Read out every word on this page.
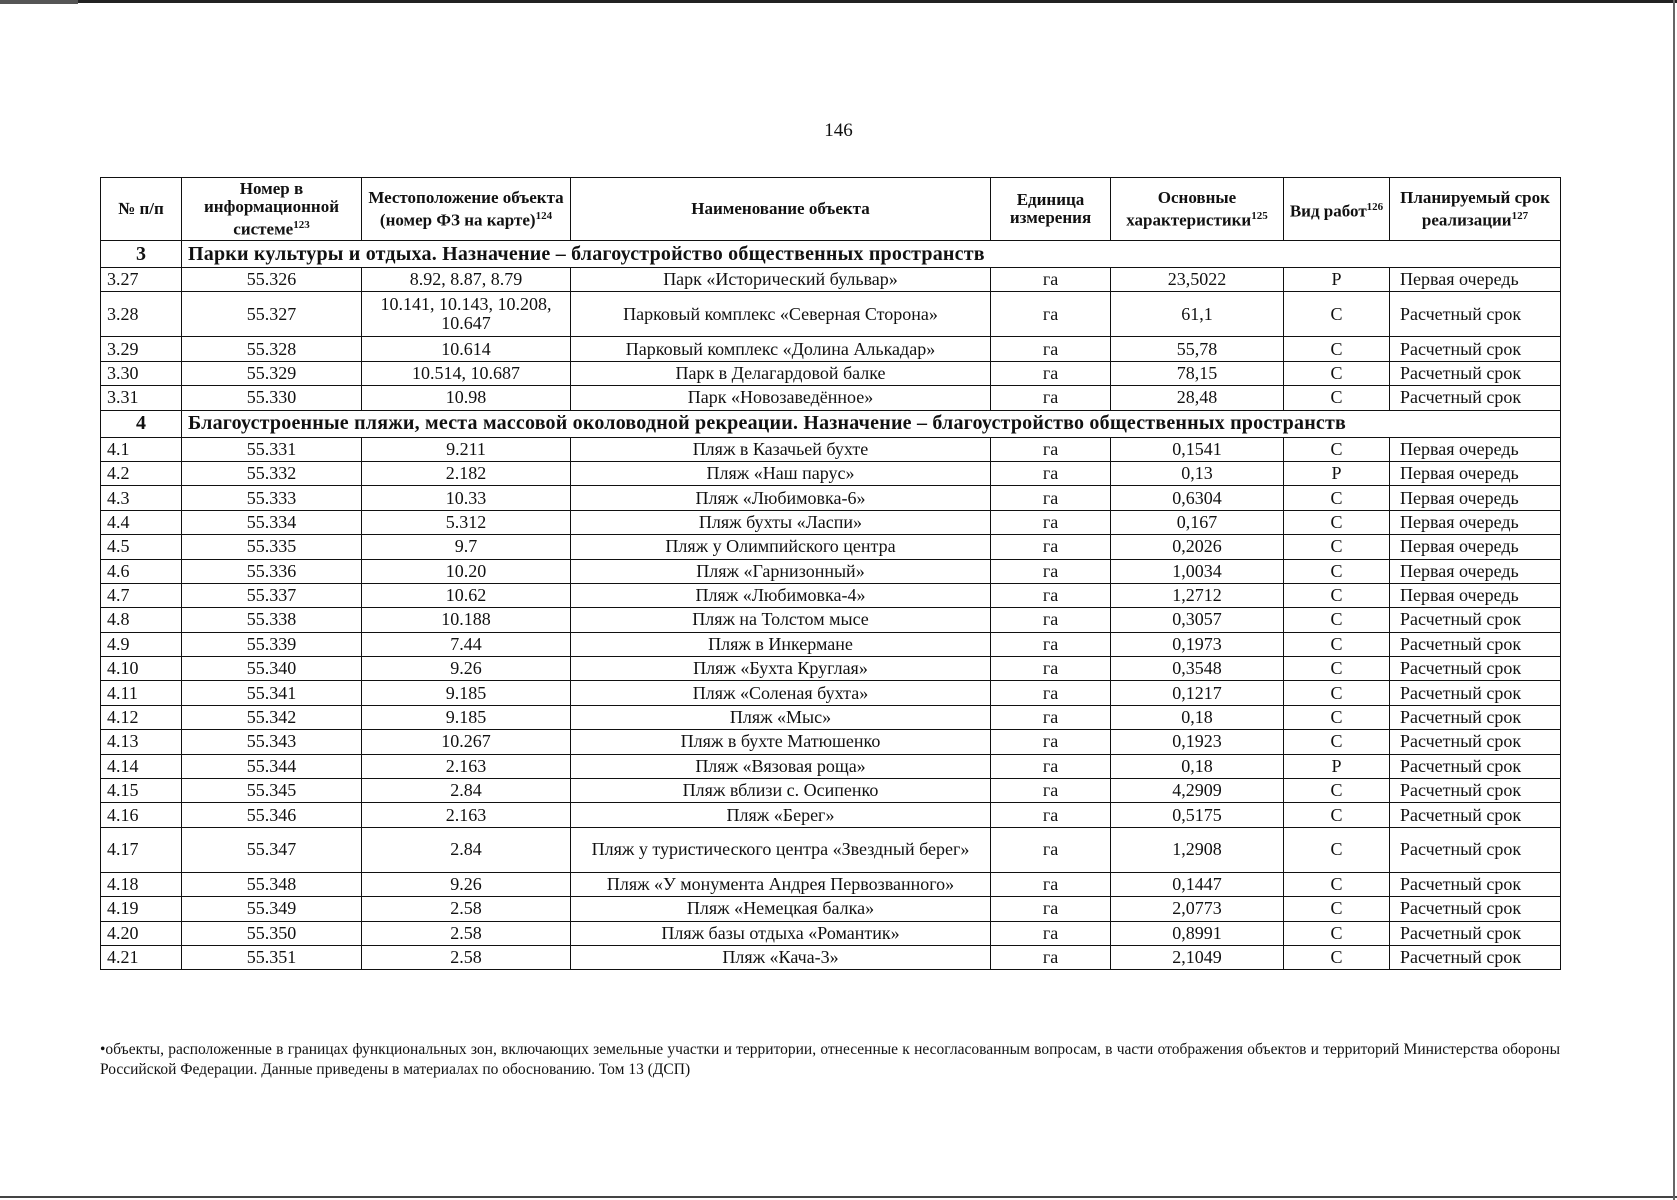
146
№ п/п	Номер в информационной системе$^{123}$	Местоположение объекта (номер ФЗ на карте)$^{124}$	Наименование объекта	Единица измерения	Основные характеристики$^{125}$	Вид работ$^{126}$	Планируемый срок реализации$^{127}$
3	Парки культуры и отдыха. Назначение – благоустройство общественных пространств						
3.27	55.326	8.92, 8.87, 8.79	Парк «Исторический бульвар»	га	23,5022	Р	Первая очередь
3.28	55.327	10.141, 10.143, 10.208, 10.647	Парковый комплекс «Северная Сторона»	га	61,1	С	Расчетный срок
3.29	55.328	10.614	Парковый комплекс «Долина Алькадар»	га	55,78	С	Расчетный срок
3.30	55.329	10.514, 10.687	Парк в Делагардовой балке	га	78,15	С	Расчетный срок
3.31	55.330	10.98	Парк «Новозаведённое»	га	28,48	С	Расчетный срок
4	Благоустроенные пляжи, места массовой околоводной рекреации. Назначение – благоустройство общественных пространств						
4.1	55.331	9.211	Пляж в Казачьей бухте	га	0,1541	С	Первая очередь
4.2	55.332	2.182	Пляж «Наш парус»	га	0,13	Р	Первая очередь
4.3	55.333	10.33	Пляж «Любимовка-6»	га	0,6304	С	Первая очередь
4.4	55.334	5.312	Пляж бухты «Ласпи»	га	0,167	С	Первая очередь
4.5	55.335	9.7	Пляж у Олимпийского центра	га	0,2026	С	Первая очередь
4.6	55.336	10.20	Пляж «Гарнизонный»	га	1,0034	С	Первая очередь
4.7	55.337	10.62	Пляж «Любимовка-4»	га	1,2712	С	Первая очередь
4.8	55.338	10.188	Пляж на Толстом мысе	га	0,3057	С	Расчетный срок
4.9	55.339	7.44	Пляж в Инкермане	га	0,1973	С	Расчетный срок
4.10	55.340	9.26	Пляж «Бухта Круглая»	га	0,3548	С	Расчетный срок
4.11	55.341	9.185	Пляж «Соленая бухта»	га	0,1217	С	Расчетный срок
4.12	55.342	9.185	Пляж «Мыс»	га	0,18	С	Расчетный срок
4.13	55.343	10.267	Пляж в бухте Матюшенко	га	0,1923	С	Расчетный срок
4.14	55.344	2.163	Пляж «Вязовая роща»	га	0,18	Р	Расчетный срок
4.15	55.345	2.84	Пляж вблизи с. Осипенко	га	4,2909	С	Расчетный срок
4.16	55.346	2.163	Пляж «Берег»	га	0,5175	С	Расчетный срок
4.17	55.347	2.84	Пляж у туристического центра «Звездный берег»	га	1,2908	С	Расчетный срок
4.18	55.348	9.26	Пляж «У монумента Андрея Первозванного»	га	0,1447	С	Расчетный срок
4.19	55.349	2.58	Пляж «Немецкая балка»	га	2,0773	С	Расчетный срок
4.20	55.350	2.58	Пляж базы отдыха «Романтик»	га	0,8991	С	Расчетный срок
4.21	55.351	2.58	Пляж «Кача-3»	га	2,1049	С	Расчетный срок
•объекты, расположенные в границах функциональных зон, включающих земельные участки и территории, отнесенные к несогласованным вопросам, в части отображения объектов и территорий Министерства обороны Российской Федерации. Данные приведены в материалах по обоснованию. Том 13 (ДСП)
